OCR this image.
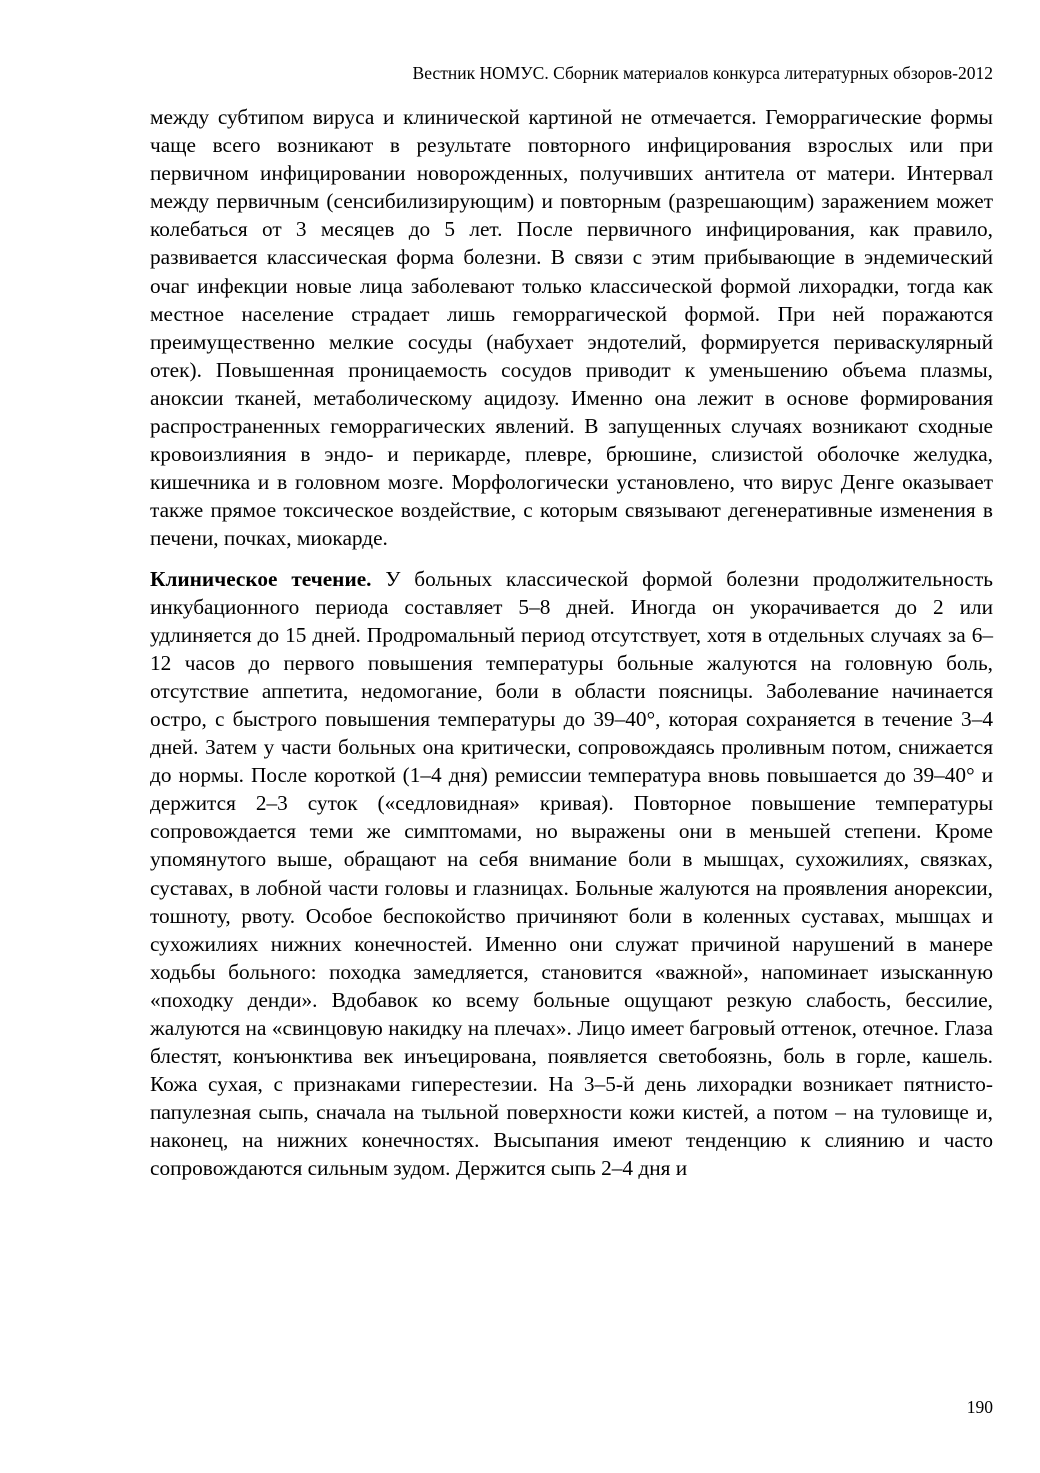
Вестник НОМУС. Сборник материалов конкурса литературных обзоров-2012

между субтипом вируса и клинической картиной не отмечается. Геморрагические формы чаще всего возникают в результате повторного инфицирования взрослых или при первичном инфицировании новорожденных, получивших антитела от матери. Интервал между первичным (сенсибилизирующим) и повторным (разрешающим) заражением может колебаться от 3 месяцев до 5 лет. После первичного инфицирования, как правило, развивается классическая форма болезни. В связи с этим прибывающие в эндемический очаг инфекции новые лица заболевают только классической формой лихорадки, тогда как местное население страдает лишь геморрагической формой. При ней поражаются преимущественно мелкие сосуды (набухает эндотелий, формируется периваскулярный отек). Повышенная проницаемость сосудов приводит к уменьшению объема плазмы, аноксии тканей, метаболическому ацидозу. Именно она лежит в основе формирования распространенных геморрагических явлений. В запущенных случаях возникают сходные кровоизлияния в эндо- и перикарде, плевре, брюшине, слизистой оболочке желудка, кишечника и в головном мозге. Морфологически установлено, что вирус Денге оказывает также прямое токсическое воздействие, с которым связывают дегенеративные изменения в печени, почках, миокарде.

Клиническое течение. У больных классической формой болезни продолжительность инкубационного периода составляет 5–8 дней. Иногда он укорачивается до 2 или удлиняется до 15 дней. Продромальный период отсутствует, хотя в отдельных случаях за 6–12 часов до первого повышения температуры больные жалуются на головную боль, отсутствие аппетита, недомогание, боли в области поясницы. Заболевание начинается остро, с быстрого повышения температуры до 39–40°, которая сохраняется в течение 3–4 дней. Затем у части больных она критически, сопровождаясь проливным потом, снижается до нормы. После короткой (1–4 дня) ремиссии температура вновь повышается до 39–40° и держится 2–3 суток («седловидная» кривая). Повторное повышение температуры сопровождается теми же симптомами, но выражены они в меньшей степени. Кроме упомянутого выше, обращают на себя внимание боли в мышцах, сухожилиях, связках, суставах, в лобной части головы и глазницах. Больные жалуются на проявления анорексии, тошноту, рвоту. Особое беспокойство причиняют боли в коленных суставах, мышцах и сухожилиях нижних конечностей. Именно они служат причиной нарушений в манере ходьбы больного: походка замедляется, становится «важной», напоминает изысканную «походку денди». Вдобавок ко всему больные ощущают резкую слабость, бессилие, жалуются на «свинцовую накидку на плечах». Лицо имеет багровый оттенок, отечное. Глаза блестят, конъюнктива век инъецирована, появляется светобоязнь, боль в горле, кашель. Кожа сухая, с признаками гиперестезии. На 3–5-й день лихорадки возникает пятнисто-папулезная сыпь, сначала на тыльной поверхности кожи кистей, а потом – на туловище и, наконец, на нижних конечностях. Высыпания имеют тенденцию к слиянию и часто сопровождаются сильным зудом. Держится сыпь 2–4 дня и

190
